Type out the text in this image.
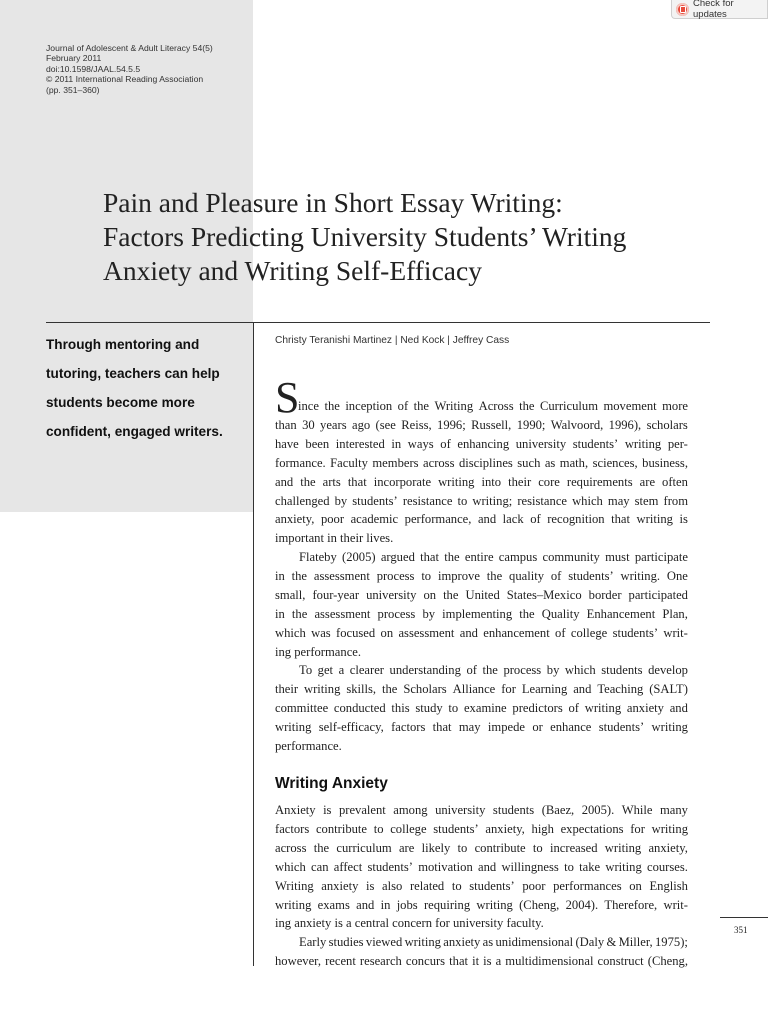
Journal of Adolescent & Adult Literacy 54(5)
February 2011
doi:10.1598/JAAL.54.5.5
© 2011 International Reading Association
(pp. 351–360)
Check for updates
Pain and Pleasure in Short Essay Writing:
Factors Predicting University Students’ Writing
Anxiety and Writing Self-Efficacy
Through mentoring and
tutoring, teachers can help
students become more
confident, engaged writers.
Christy Teranishi Martinez | Ned Kock | Jeffrey Cass
S
ince the inception of the Writing Across the Curriculum movement more
than 30 years ago (see Reiss, 1996; Russell, 1990; Walvoord, 1996), scholars
have been interested in ways of enhancing university students’ writing per-
formance. Faculty members across disciplines such as math, sciences, business,
and the arts that incorporate writing into their core requirements are often
challenged by students’ resistance to writing; resistance which may stem from
anxiety, poor academic performance, and lack of recognition that writing is
important in their lives.
Flateby (2005) argued that the entire campus community must participate
in the assessment process to improve the quality of students’ writing. One
small, four-year university on the United States–Mexico border participated
in the assessment process by implementing the Quality Enhancement Plan,
which was focused on assessment and enhancement of college students’ writ-
ing performance.
To get a clearer understanding of the process by which students develop
their writing skills, the Scholars Alliance for Learning and Teaching (SALT)
committee conducted this study to examine predictors of writing anxiety and
writing self-efficacy, factors that may impede or enhance students’ writing
performance.
Writing Anxiety
Anxiety is prevalent among university students (Baez, 2005). While many
factors contribute to college students’ anxiety, high expectations for writing
across the curriculum are likely to contribute to increased writing anxiety,
which can affect students’ motivation and willingness to take writing courses.
Writing anxiety is also related to students’ poor performances on English
writing exams and in jobs requiring writing (Cheng, 2004). Therefore, writ-
ing anxiety is a central concern for university faculty.
Early studies viewed writing anxiety as unidimensional (Daly & Miller, 1975);
however, recent research concurs that it is a multidimensional construct (Cheng,
351
